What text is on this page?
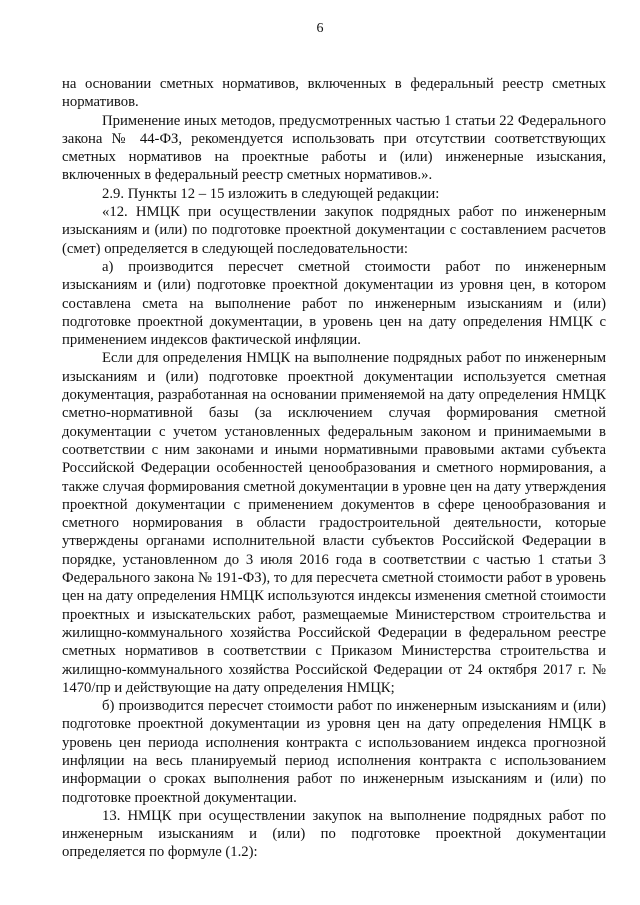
6

на основании сметных нормативов, включенных в федеральный реестр сметных нормативов.

Применение иных методов, предусмотренных частью 1 статьи 22 Федерального закона № 44-ФЗ, рекомендуется использовать при отсутствии соответствующих сметных нормативов на проектные работы и (или) инженерные изыскания, включенных в федеральный реестр сметных нормативов.».

2.9. Пункты 12 – 15 изложить в следующей редакции:

«12. НМЦК при осуществлении закупок подрядных работ по инженерным изысканиям и (или) по подготовке проектной документации с составлением расчетов (смет) определяется в следующей последовательности:

а) производится пересчет сметной стоимости работ по инженерным изысканиям и (или) подготовке проектной документации из уровня цен, в котором составлена смета на выполнение работ по инженерным изысканиям и (или) подготовке проектной документации, в уровень цен на дату определения НМЦК с применением индексов фактической инфляции.

Если для определения НМЦК на выполнение подрядных работ по инженерным изысканиям и (или) подготовке проектной документации используется сметная документация, разработанная на основании применяемой на дату определения НМЦК сметно-нормативной базы (за исключением случая формирования сметной документации с учетом установленных федеральным законом и принимаемыми в соответствии с ним законами и иными нормативными правовыми актами субъекта Российской Федерации особенностей ценообразования и сметного нормирования, а также случая формирования сметной документации в уровне цен на дату утверждения проектной документации с применением документов в сфере ценообразования и сметного нормирования в области градостроительной деятельности, которые утверждены органами исполнительной власти субъектов Российской Федерации в порядке, установленном до 3 июля 2016 года в соответствии с частью 1 статьи 3 Федерального закона № 191-ФЗ), то для пересчета сметной стоимости работ в уровень цен на дату определения НМЦК используются индексы изменения сметной стоимости проектных и изыскательских работ, размещаемые Министерством строительства и жилищно-коммунального хозяйства Российской Федерации в федеральном реестре сметных нормативов в соответствии с Приказом Министерства строительства и жилищно-коммунального хозяйства Российской Федерации от 24 октября 2017 г. № 1470/пр и действующие на дату определения НМЦК;

б) производится пересчет стоимости работ по инженерным изысканиям и (или) подготовке проектной документации из уровня цен на дату определения НМЦК в уровень цен периода исполнения контракта с использованием индекса прогнозной инфляции на весь планируемый период исполнения контракта с использованием информации о сроках выполнения работ по инженерным изысканиям и (или) по подготовке проектной документации.

13. НМЦК при осуществлении закупок на выполнение подрядных работ по инженерным изысканиям и (или) по подготовке проектной документации определяется по формуле (1.2):
